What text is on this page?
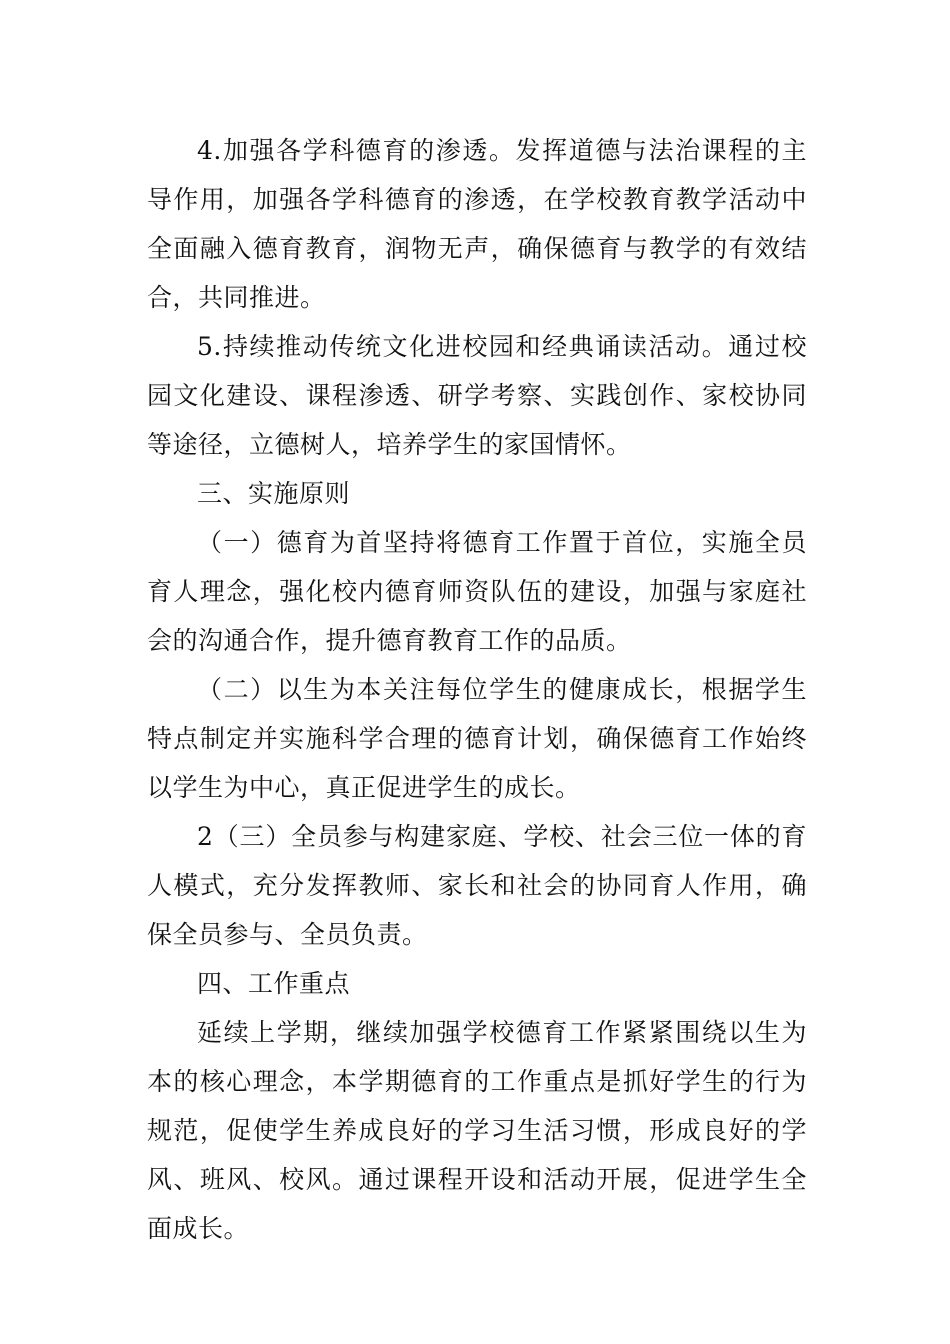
4.加强各学科德育的渗透。发挥道德与法治课程的主导作用，加强各学科德育的渗透，在学校教育教学活动中全面融入德育教育，润物无声，确保德育与教学的有效结合，共同推进。

5.持续推动传统文化进校园和经典诵读活动。通过校园文化建设、课程渗透、研学考察、实践创作、家校协同等途径，立德树人，培养学生的家国情怀。

三、实施原则

（一）德育为首坚持将德育工作置于首位，实施全员育人理念，强化校内德育师资队伍的建设，加强与家庭社会的沟通合作，提升德育教育工作的品质。

（二）以生为本关注每位学生的健康成长，根据学生特点制定并实施科学合理的德育计划，确保德育工作始终以学生为中心，真正促进学生的成长。

2（三）全员参与构建家庭、学校、社会三位一体的育人模式，充分发挥教师、家长和社会的协同育人作用，确保全员参与、全员负责。

四、工作重点

延续上学期，继续加强学校德育工作紧紧围绕以生为本的核心理念，本学期德育的工作重点是抓好学生的行为规范，促使学生养成良好的学习生活习惯，形成良好的学风、班风、校风。通过课程开设和活动开展，促进学生全面成长。
